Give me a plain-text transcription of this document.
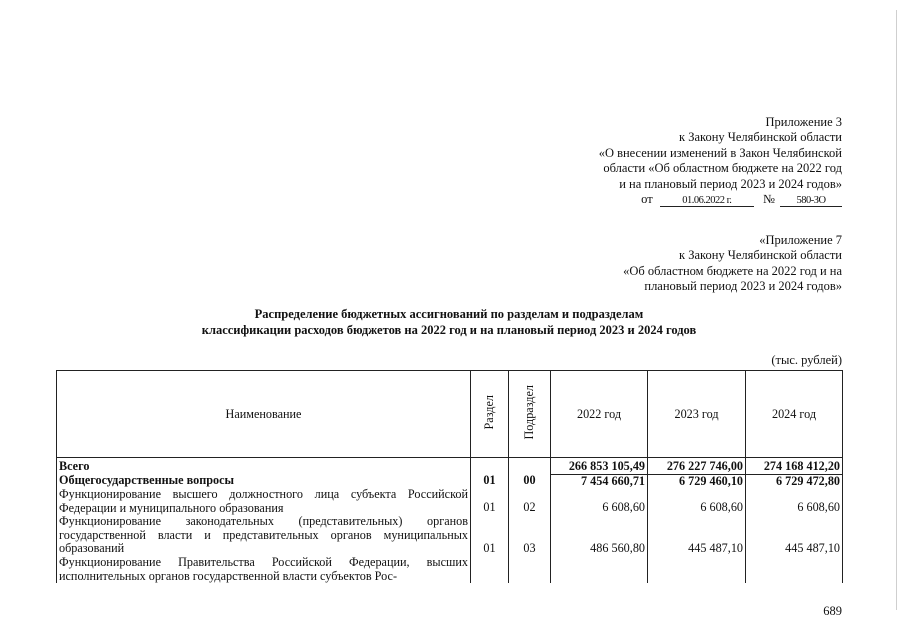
Приложение 3
к Закону Челябинской области
«О внесении изменений в Закон Челябинской
области «Об областном бюджете на 2022 год
и на плановый период 2023 и 2024 годов»
от	01.06.2022 г.	№ 580-ЗО
«Приложение 7
к Закону Челябинской области
«Об областном бюджете на 2022 год и на
плановый период 2023 и 2024 годов»
Распределение бюджетных ассигнований по разделам и подразделам
классификации расходов бюджетов на 2022 год и на плановый период 2023 и 2024 годов
(тыс. рублей)
Наименование	Раздел	Подраздел	2022 год	2023 год	2024 год
Всего			266 853 105,49	276 227 746,00	274 168 412,20
Общегосударственные вопросы	01	00	7 454 660,71	6 729 460,10	6 729 472,80
Функционирование высшего должностного лица субъекта Российской Федерации и муниципального образования	01	02	6 608,60	6 608,60	6 608,60
Функционирование законодательных (представительных) органов государственной власти и представительных органов муниципальных образований	01	03	486 560,80	445 487,10	445 487,10
Функционирование Правительства Российской Федерации, высших исполнительных органов государственной власти субъектов Рос-					
689
